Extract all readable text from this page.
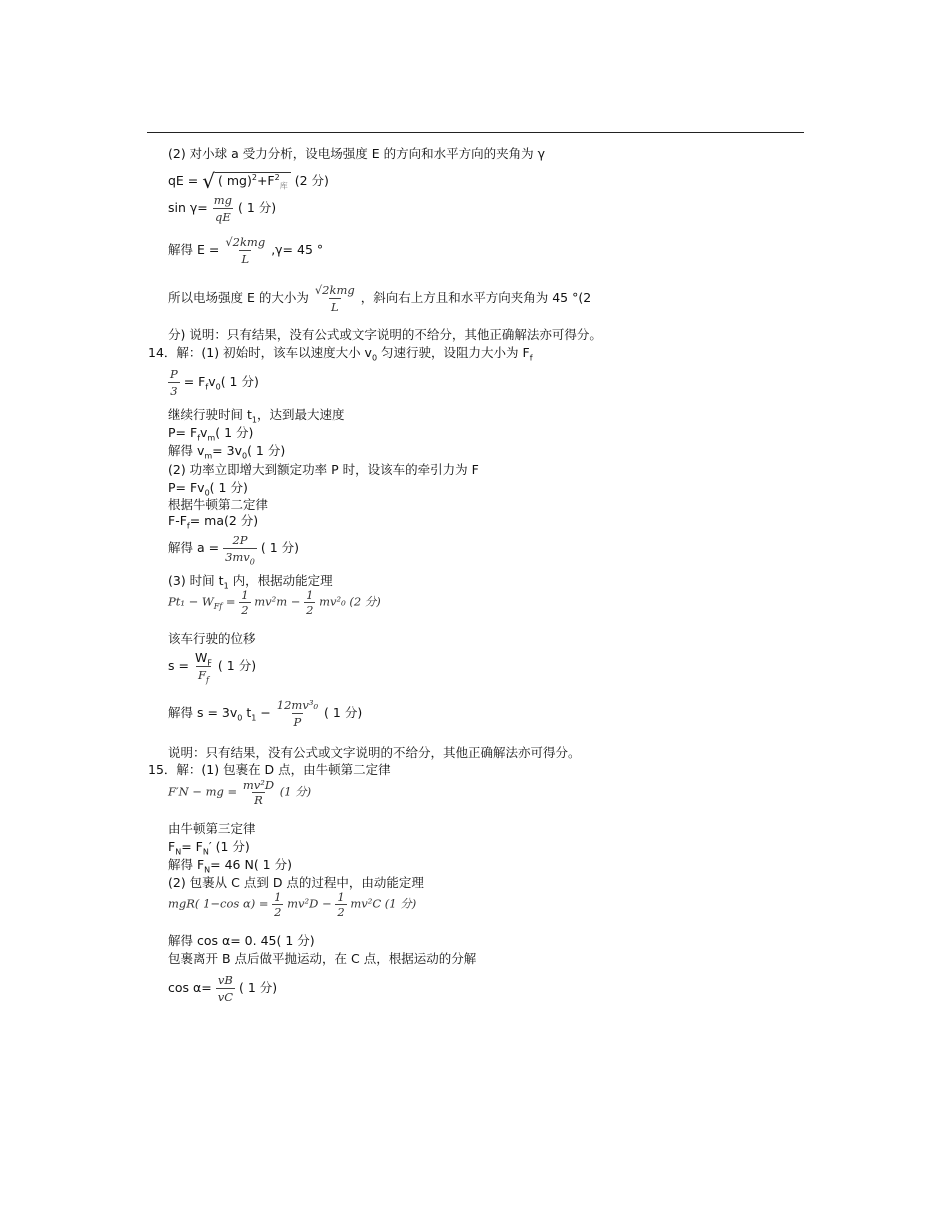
(2) 对小球 a 受力分析，设电场强度 E 的方向和水平方向的夹角为 γ
qE = √ ( $mg)^2+F^2_库$ (2 分)
$\sin \gamma= \frac{mg}{qE}$ ( 1 分)
解得 E = √2kmg
L
,γ= 45 °
所以电场强度 E 的大小为 √2kmg
L
，斜向右上方且和水平方向夹角为 45 °(2
分) 说明：只有结果，没有公式或文字说明的不给分，其他正确解法亦可得分。
14．解：(1) 初始时，该车以速度大小 $v_0$ 匀速行驶，设阻力大小为 $F_f$
$\frac{P}{3} = F_fv_0$( 1 分)
继续行驶时间 $t_1$，达到最大速度
$P= F_fv_m$( 1 分)
解得 $v_m= 3v_0$( 1 分)
(2) 功率立即增大到额定功率 P 时，设该车的牵引力为 F
$P= Fv_0$( 1 分)
根据牛顿第二定律
$F-F_f= ma(2$ 分)
解得 $a = \frac{2P}{3mv_0}$ ( 1 分)
(3) 时间 $t_1$ 内，根据动能定理
$Pt_1 - W_{Ff} = \frac{1}{2} mv^2m - \frac{1}{2} mv^2_0$ (2 分)
该车行驶的位移
$s = \frac{W_F}{F_f}$ ( 1 分)
解得 $s = 3v_0$ $t_1 - \frac{\text{12mv³₀}}{P}$ ( 1 分)
说明：只有结果，没有公式或文字说明的不给分，其他正确解法亦可得分。
15．解：(1) 包裹在 D 点，由牛顿第二定律
F′N − mg = $\frac{\text{mv²D}}{R} (1$ 分)
由牛顿第三定律
$F_N= F_N'$ (1 分)
解得 $F_N= 46$ N( 1 分)
(2) 包裹从 C 点到 D 点的过程中，由动能定理
mgR( 1−cos $\alpha) = \frac{1}{2} mv^2D - \frac{1}{2} mv^2C$ (1 分)
解得 cos α= 0. 45( 1 分)
包裹离开 B 点后做平抛运动，在 C 点，根据运动的分解
$\cos \alpha= \frac{vB}{vC}$ ( 1 分)
